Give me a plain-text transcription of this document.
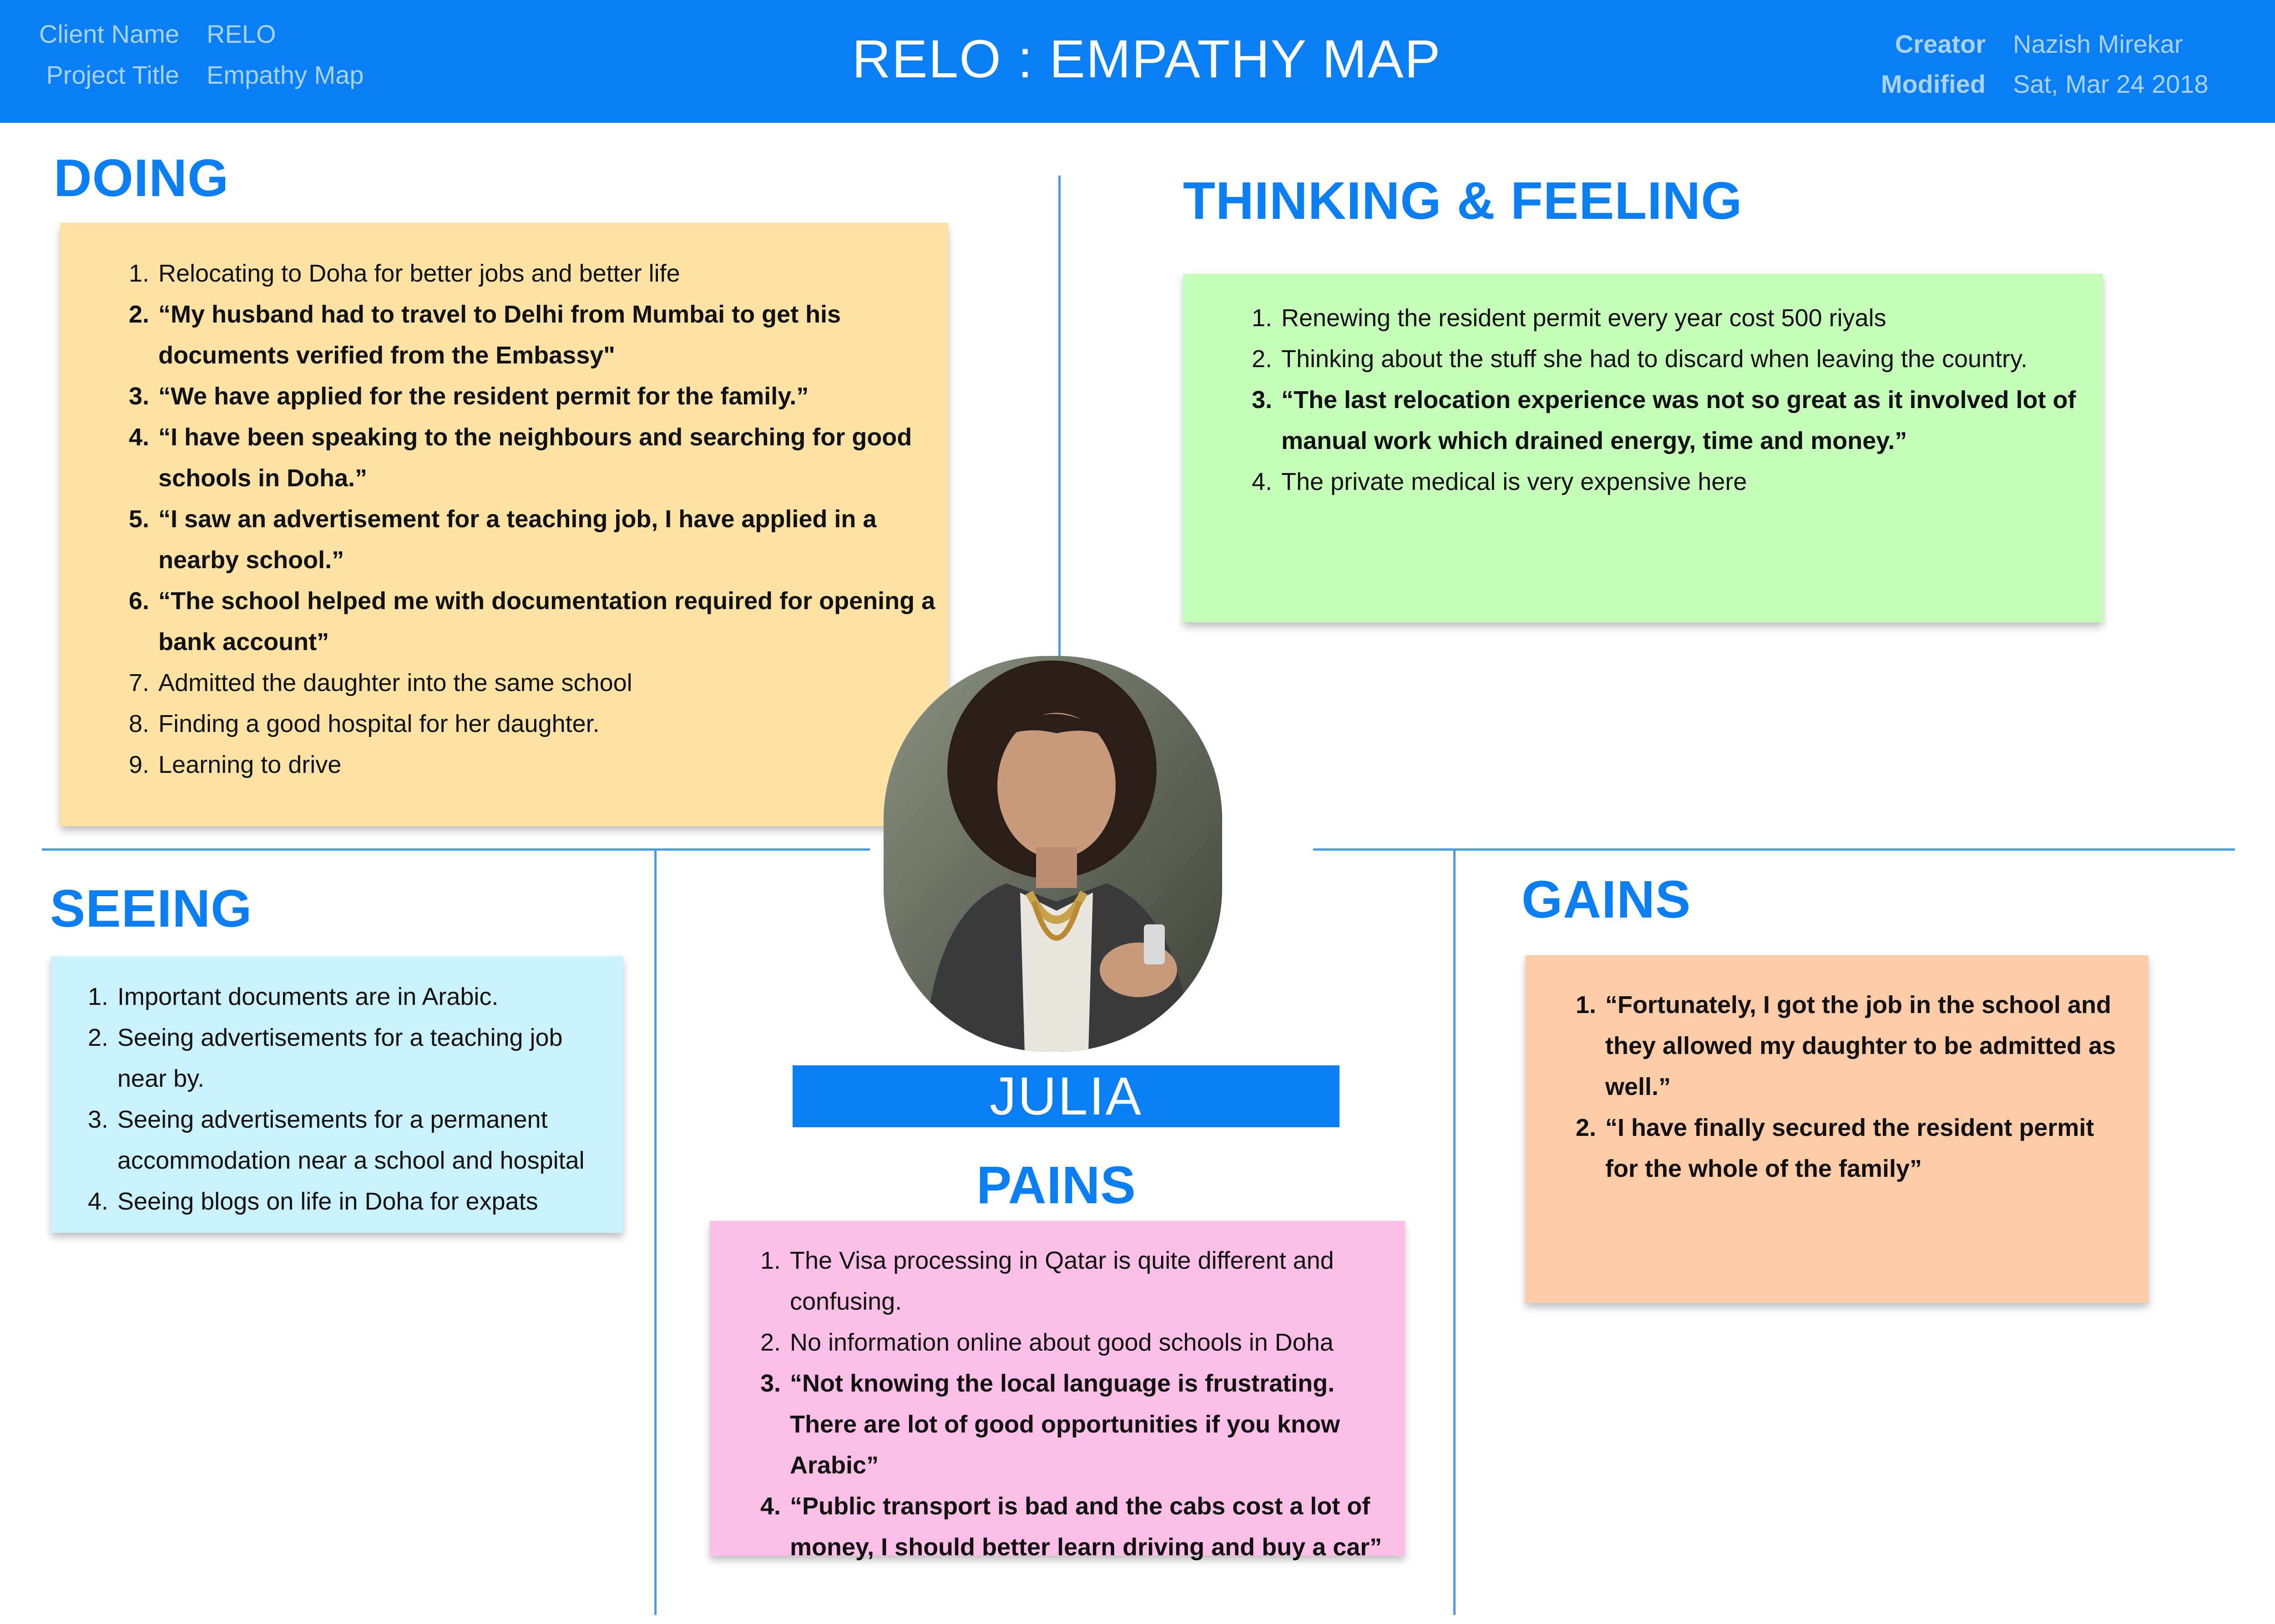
Client Name RELO
Project Title Empathy Map	RELO : EMPATHY MAP	Creator Nazish Mirekar
Modified Sat, Mar 24 2018
DOING
1. Relocating to Doha for better jobs and better life
2. “My husband had to travel to Delhi from Mumbai to get his documents verified from the Embassy"
3. “We have applied for the resident permit for the family.”
4. “I have been speaking to the neighbours and searching for good schools in Doha.”
5. “I saw an advertisement for a teaching job, I have applied in a nearby school.”
6. “The school helped me with documentation required for opening a bank account”
7. Admitted the daughter into the same school
8. Finding a good hospital for her daughter.
9. Learning to drive
THINKING & FEELING
1. Renewing the resident permit every year cost 500 riyals
2. Thinking about the stuff she had to discard when leaving the country.
3. “The last relocation experience was not so great as it involved lot of manual work which drained energy, time and money.”
4. The private medical is very expensive here
JULIA
SEEING
1. Important documents are in Arabic.
2. Seeing advertisements for a teaching job near by.
3. Seeing advertisements for a permanent accommodation near a school and hospital
4. Seeing blogs on life in Doha for expats	PAINS
1. The Visa processing in Qatar is quite different and confusing.
2. No information online about good schools in Doha
3. “Not knowing the local language is frustrating. There are lot of good opportunities if you know Arabic”
4. “Public transport is bad and the cabs cost a lot of money, I should better learn driving and buy a car”
GAINS
1. “Fortunately, I got the job in the school and they allowed my daughter to be admitted as well.”
2. “I have finally secured the resident permit for the whole of the family”
